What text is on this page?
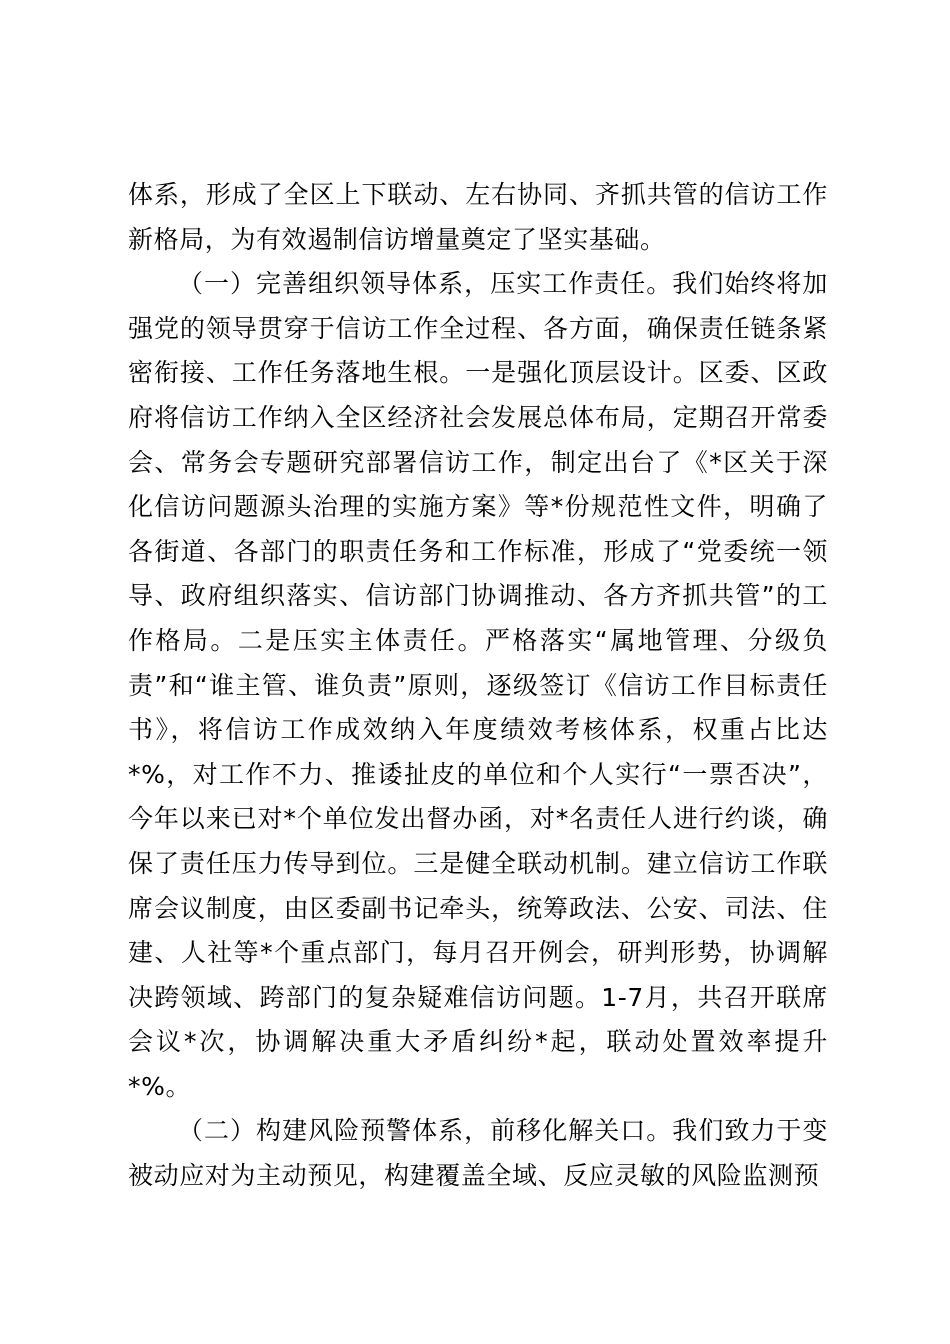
体系，形成了全区上下联动、左右协同、齐抓共管的信访工作新格局，为有效遏制信访增量奠定了坚实基础。

（一）完善组织领导体系，压实工作责任。我们始终将加强党的领导贯穿于信访工作全过程、各方面，确保责任链条紧密衔接、工作任务落地生根。一是强化顶层设计。区委、区政府将信访工作纳入全区经济社会发展总体布局，定期召开常委会、常务会专题研究部署信访工作，制定出台了《*区关于深化信访问题源头治理的实施方案》等*份规范性文件，明确了各街道、各部门的职责任务和工作标准，形成了“党委统一领导、政府组织落实、信访部门协调推动、各方齐抓共管”的工作格局。二是压实主体责任。严格落实“属地管理、分级负责”和“谁主管、谁负责”原则，逐级签订《信访工作目标责任书》，将信访工作成效纳入年度绩效考核体系，权重占比达*%，对工作不力、推诿扯皮的单位和个人实行“一票否决”，今年以来已对*个单位发出督办函，对*名责任人进行约谈，确保了责任压力传导到位。三是健全联动机制。建立信访工作联席会议制度，由区委副书记牵头，统筹政法、公安、司法、住建、人社等*个重点部门，每月召开例会，研判形势，协调解决跨领域、跨部门的复杂疑难信访问题。1-7月，共召开联席会议*次，协调解决重大矛盾纠纷*起，联动处置效率提升*%。

（二）构建风险预警体系，前移化解关口。我们致力于变被动应对为主动预见，构建覆盖全域、反应灵敏的风险监测预
